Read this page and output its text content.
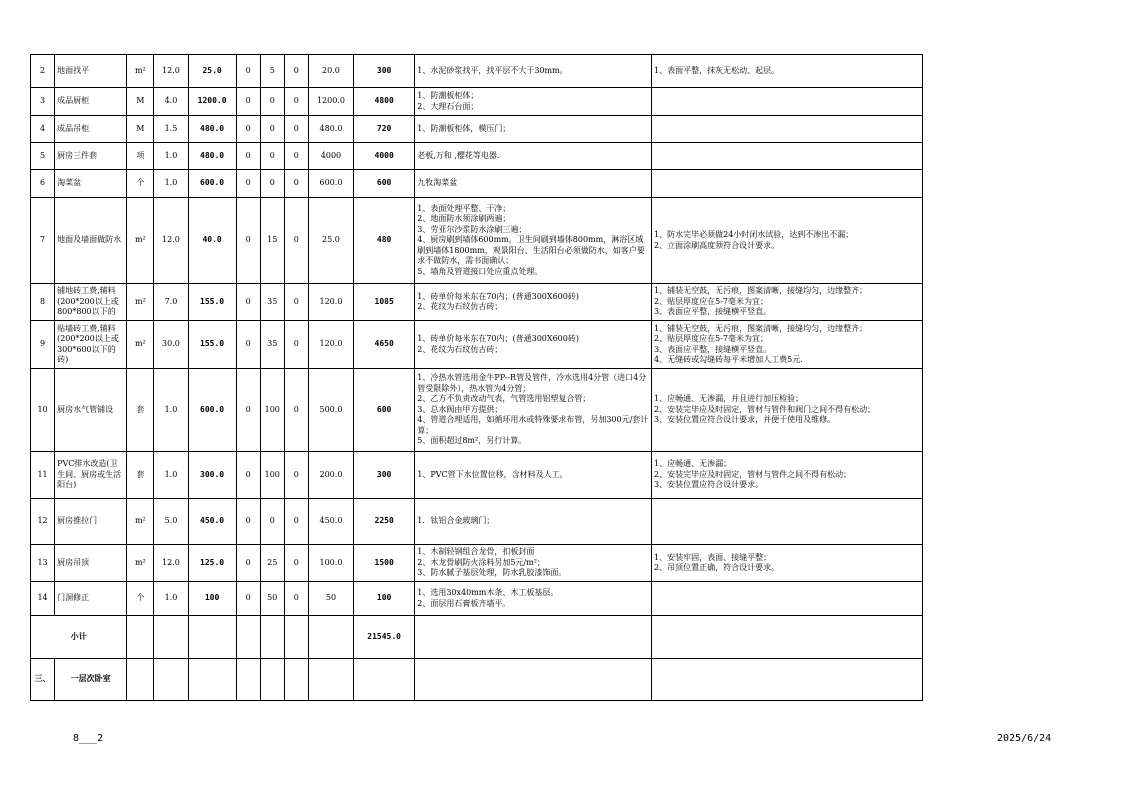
2	地面找平	m²	12.0	25.0	0	5	0	20.0	300	1、水泥砂浆找平，找平层不大于30mm。	1、表面平整，抹灰无松动、起层。

3	成品厨柜	M	4.0	1200.0	0	0	0	1200.0	4800	1、防潮板柜体；
2、大理石台面；	

4	成品吊柜	M	1.5	480.0	0	0	0	480.0	720	1、防潮板柜体，模压门；	

5	厨房三件套	项	1.0	480.0	0	0	0	4000	4000	老板,万和 ,樱花等电器.	

6	淘菜盆	个	1.0	600.0	0	0	0	600.0	600	九牧淘菜盆	

7	地面及墙面做防水	m²	12.0	40.0	0	15	0	25.0	480	1、表面处理平整、干净；
2、地面防水须涂刷两遍；
3、劳亚尔沙浆防水涂刷三遍；
4、厨房刷到墙体600mm，卫生间刷到墙体800mm，淋浴区域刷到墙体1800mm，观景阳台、生活阳台必须做防水，如客户要求不做防水，需书面确认；
5、墙角及管道接口处应重点处理。	1、防水完毕必须做24小时闭水试验，达到不渗出不漏；
2、立面涂刷高度须符合设计要求。

8	铺地砖工费,辅料(200*200以上或800*800以下的	m²	7.0	155.0	0	35	0	120.0	1085	1、砖单价每米东在70内；(普通300X600砖)
2、花纹为石纹仿古砖；	1、铺装无空鼓，无污痕，图案清晰，接缝均匀，边缘整齐；
2、贴层厚度应在5-7毫米为宜；
3、表面应平整，接缝横平竖直。

9	贴墙砖工费,辅料(200*200以上或300*600以下的砖)	m²	30.0	155.0	0	35	0	120.0	4650	1、砖单价每米东在70内；(普通300X600砖)
2、花纹为石纹仿古砖；	1、铺装无空鼓，无污痕，图案清晰，接缝均匀，边缘整齐；
2、贴层厚度应在5-7毫米为宜；
3、表面应平整，接缝横平竖直。
4、无缝砖或勾缝砖每平米增加人工费5元.

10	厨房水气管铺设	套	1.0	600.0	0	100	0	500.0	600	1、冷热水管选用金牛PP--R管及管件，冷水选用4分管（进口4分管受限除外），热水管为4分管；
2、乙方不负责改动气表，气管选用铝塑复合管；
3、总水阀由甲方提供；
4、管道合理适用，如循环用水或特殊要求布管，另加300元/套计算；
5、面积超过8m²，另行计算。	1、应畅通、无渗漏，并且进行加压检验；
2、安装完毕应及时固定，管材与管件和阀门之间不得有松动；
3、安装位置应符合设计要求，并便于使用及维修。

11	PVC排水改造(卫生间、厨房或生活阳台)	套	1.0	300.0	0	100	0	200.0	300	1、PVC管下水位置位移，含材料及人工。	1、应畅通、无渗漏；
2、安装完毕应及时固定，管材与管件之间不得有松动；
3、安装位置应符合设计要求。

12	厨房推拉门	m²	5.0	450.0	0	0	0	450.0	2250	1．钛铝合金玻璃门；	

13	厨房吊顶	m²	12.0	125.0	0	25	0	100.0	1500	1、木制轻钢组合龙骨，扣板封面
2、木龙骨刷防火涂料另加5元/m²；
3、防水腻子基层处理，防水乳胶漆饰面。	1、安装牢固，表面、接缝平整；
2、吊顶位置正确，符合设计要求。

14	门洞修正	个	1.0	100	0	50	0	50	100	1、选用30x40mm木条、木工板基层。
2、面层用石膏板齐墙平。	

小计									21545.0		
三、	一层次卧室										
8___2	2025/6/24
